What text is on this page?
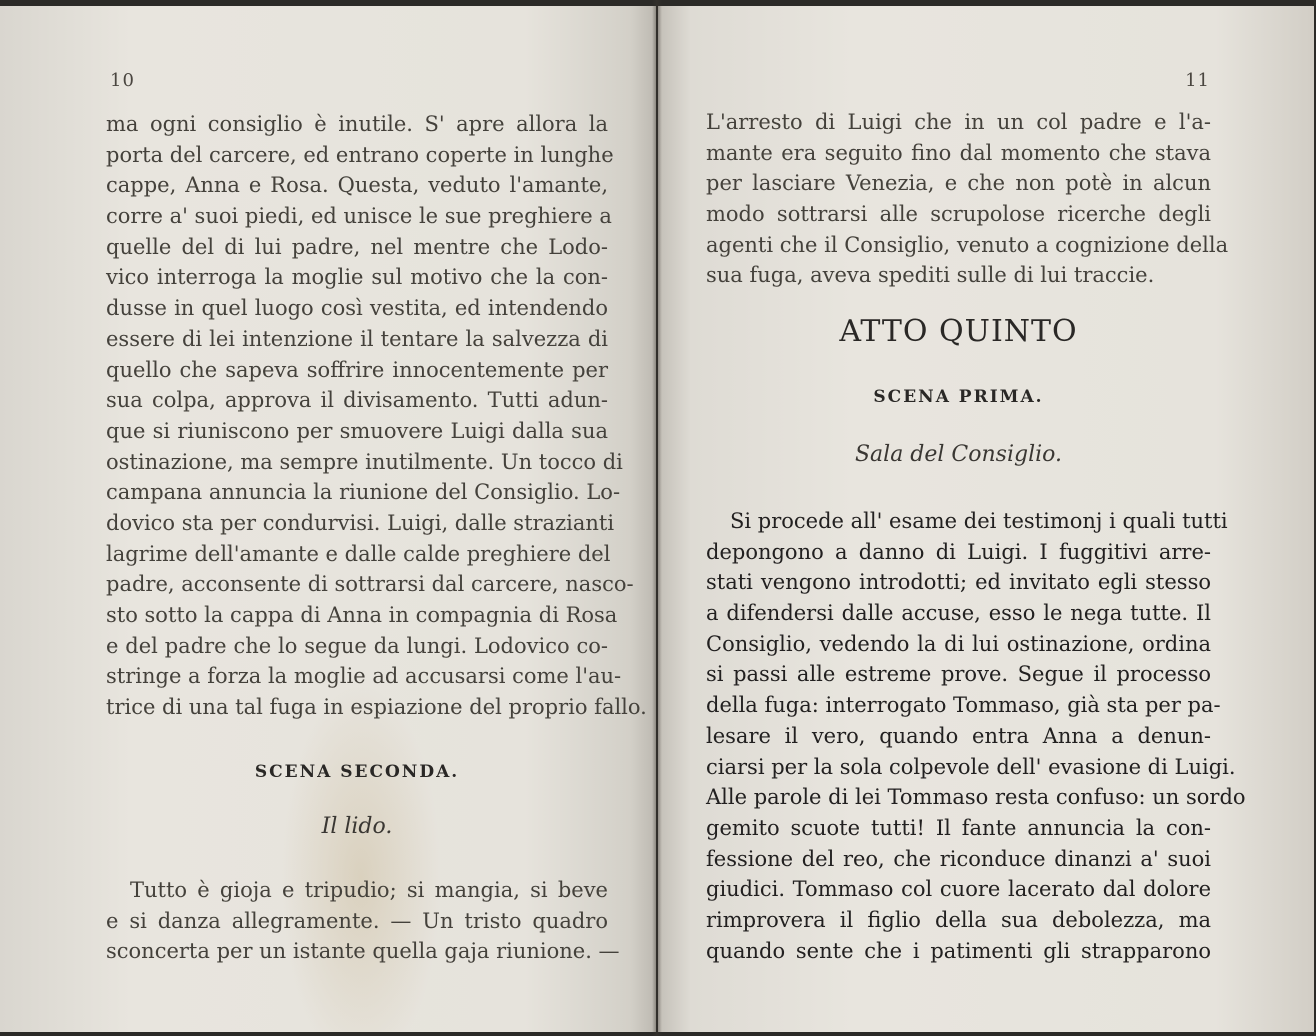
10
ma ogni consiglio è inutile. S' apre allora la
porta del carcere, ed entrano coperte in lunghe
cappe, Anna e Rosa. Questa, veduto l'amante,
corre a' suoi piedi, ed unisce le sue preghiere a
quelle del di lui padre, nel mentre che Lodo-
vico interroga la moglie sul motivo che la con-
dusse in quel luogo così vestita, ed intendendo
essere di lei intenzione il tentare la salvezza di
quello che sapeva soffrire innocentemente per
sua colpa, approva il divisamento. Tutti adun-
que si riuniscono per smuovere Luigi dalla sua
ostinazione, ma sempre inutilmente. Un tocco di
campana annuncia la riunione del Consiglio. Lo-
dovico sta per condurvisi. Luigi, dalle strazianti
lagrime dell'amante e dalle calde preghiere del
padre, acconsente di sottrarsi dal carcere, nasco-
sto sotto la cappa di Anna in compagnia di Rosa
e del padre che lo segue da lungi. Lodovico co-
stringe a forza la moglie ad accusarsi come l'au-
trice di una tal fuga in espiazione del proprio fallo.
SCENA SECONDA.
Il lido.
Tutto è gioja e tripudio; si mangia, si beve
e si danza allegramente. — Un tristo quadro
sconcerta per un istante quella gaja riunione. —
11
L'arresto di Luigi che in un col padre e l'a-
mante era seguito fino dal momento che stava
per lasciare Venezia, e che non potè in alcun
modo sottrarsi alle scrupolose ricerche degli
agenti che il Consiglio, venuto a cognizione della
sua fuga, aveva spediti sulle di lui traccie.
ATTO QUINTO
SCENA PRIMA.
Sala del Consiglio.
Si procede all' esame dei testimonj i quali tutti
depongono a danno di Luigi. I fuggitivi arre-
stati vengono introdotti; ed invitato egli stesso
a difendersi dalle accuse, esso le nega tutte. Il
Consiglio, vedendo la di lui ostinazione, ordina
si passi alle estreme prove. Segue il processo
della fuga: interrogato Tommaso, già sta per pa-
lesare il vero, quando entra Anna a denun-
ciarsi per la sola colpevole dell' evasione di Luigi.
Alle parole di lei Tommaso resta confuso: un sordo
gemito scuote tutti! Il fante annuncia la con-
fessione del reo, che riconduce dinanzi a' suoi
giudici. Tommaso col cuore lacerato dal dolore
rimprovera il figlio della sua debolezza, ma
quando sente che i patimenti gli strapparono
